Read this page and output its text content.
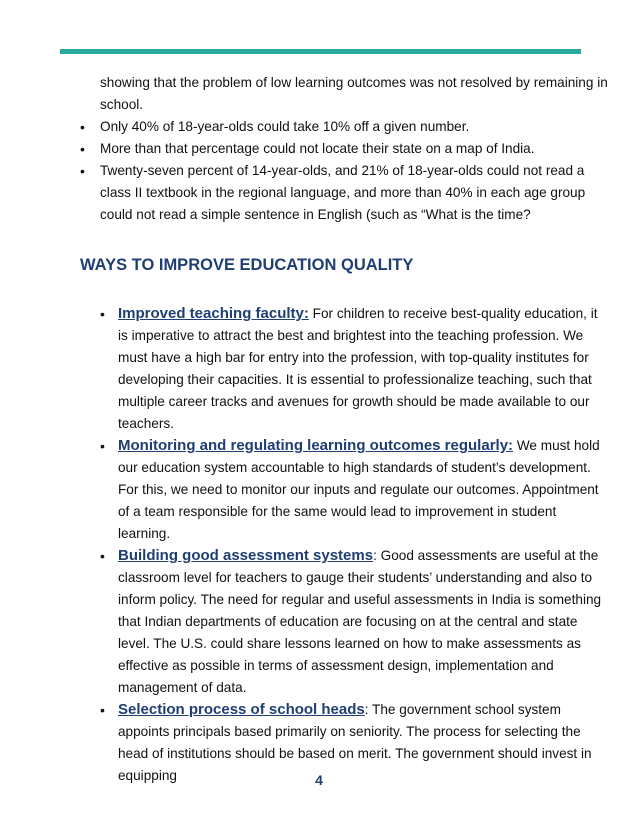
showing that the problem of low learning outcomes was not resolved by remaining in school.

• Only 40% of 18-year-olds could take 10% off a given number.
• More than that percentage could not locate their state on a map of India.
• Twenty-seven percent of 14-year-olds, and 21% of 18-year-olds could not read a class II textbook in the regional language, and more than 40% in each age group could not read a simple sentence in English (such as “What is the time?
WAYS TO IMPROVE EDUCATION QUALITY
• Improved teaching faculty: For children to receive best-quality education, it is imperative to attract the best and brightest into the teaching profession. We must have a high bar for entry into the profession, with top-quality institutes for developing their capacities. It is essential to professionalize teaching, such that multiple career tracks and avenues for growth should be made available to our teachers.
• Monitoring and regulating learning outcomes regularly: We must hold our education system accountable to high standards of student’s development. For this, we need to monitor our inputs and regulate our outcomes. Appointment of a team responsible for the same would lead to improvement in student learning.
• Building good assessment systems: Good assessments are useful at the classroom level for teachers to gauge their students’ understanding and also to inform policy. The need for regular and useful assessments in India is something that Indian departments of education are focusing on at the central and state level. The U.S. could share lessons learned on how to make assessments as effective as possible in terms of assessment design, implementation and management of data.
• Selection process of school heads: The government school system appoints principals based primarily on seniority. The process for selecting the head of institutions should be based on merit. The government should invest in equipping	4
